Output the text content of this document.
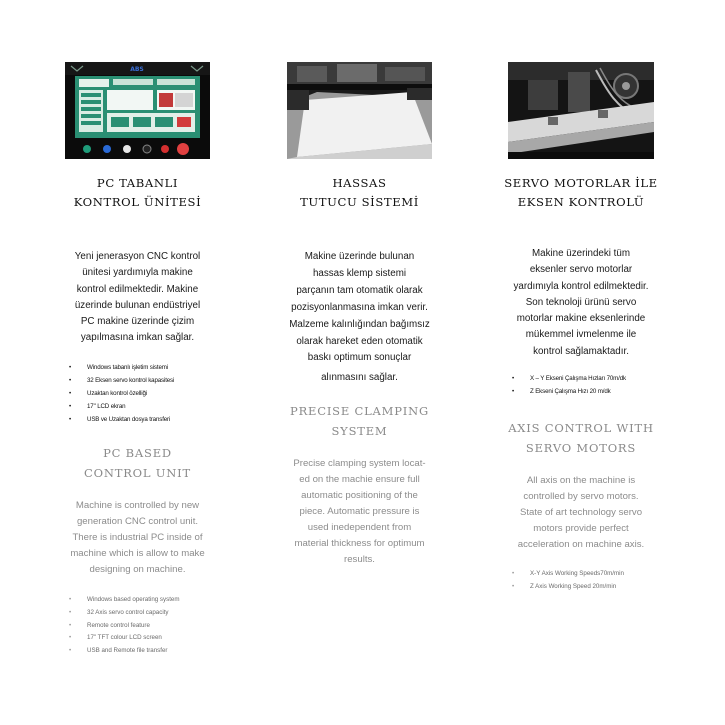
ABS
PC TABANLI
KONTROL ÜNİTESİ
Yeni jenerasyon CNC kontrol
ünitesi yardımıyla makine
kontrol edilmektedir. Makine
üzerinde bulunan endüstriyel
PC makine üzerinde çizim
yapılmasına imkan sağlar.
• Windows tabanlı işletim sistemi
• 32 Eksen servo kontrol kapasitesi
• Uzaktan kontrol özelliği
• 17" LCD ekran
• USB ve Uzaktan dosya transferi
PC BASED
CONTROL UNIT
Machine is controlled by new
generation CNC control unit.
There is industrial PC inside of
machine which is allow to make
designing on machine.
• Windows based operating system
• 32 Axis servo control capacity
• Remote control feature
• 17" TFT colour LCD screen
• USB and Remote file transfer
HASSAS
TUTUCU SİSTEMİ
Makine üzerinde bulunan
hassas klemp sistemi
parçanın tam otomatik olarak
pozisyonlanmasına imkan verir.
Malzeme kalınlığından bağımsız
olarak hareket eden otomatik
baskı optimum sonuçlar
alınmasını sağlar.
PRECISE CLAMPING
SYSTEM
Precise clamping system locat-
ed on the machie ensure full
automatic positioning of the
piece. Automatic pressure is
used inedependent from
material thickness for optimum
results.
SERVO MOTORLAR İLE
EKSEN KONTROLÜ
Makine üzerindeki tüm
eksenler servo motorlar
yardımıyla kontrol edilmektedir.
Son teknoloji ürünü servo
motorlar makine eksenlerinde
mükemmel ivmelenme ile
kontrol sağlamaktadır.
• X – Y Ekseni Çalışma Hızları 70m/dk
• Z Ekseni Çalışma Hızı 20 m/dk
AXIS CONTROL WITH
SERVO MOTORS
All axis on the machine is
controlled by servo motors.
State of art technology servo
motors provide perfect
acceleration on machine axis.
• X-Y Axis Working Speeds70m/min
• Z Axis Working Speed 20m/min
